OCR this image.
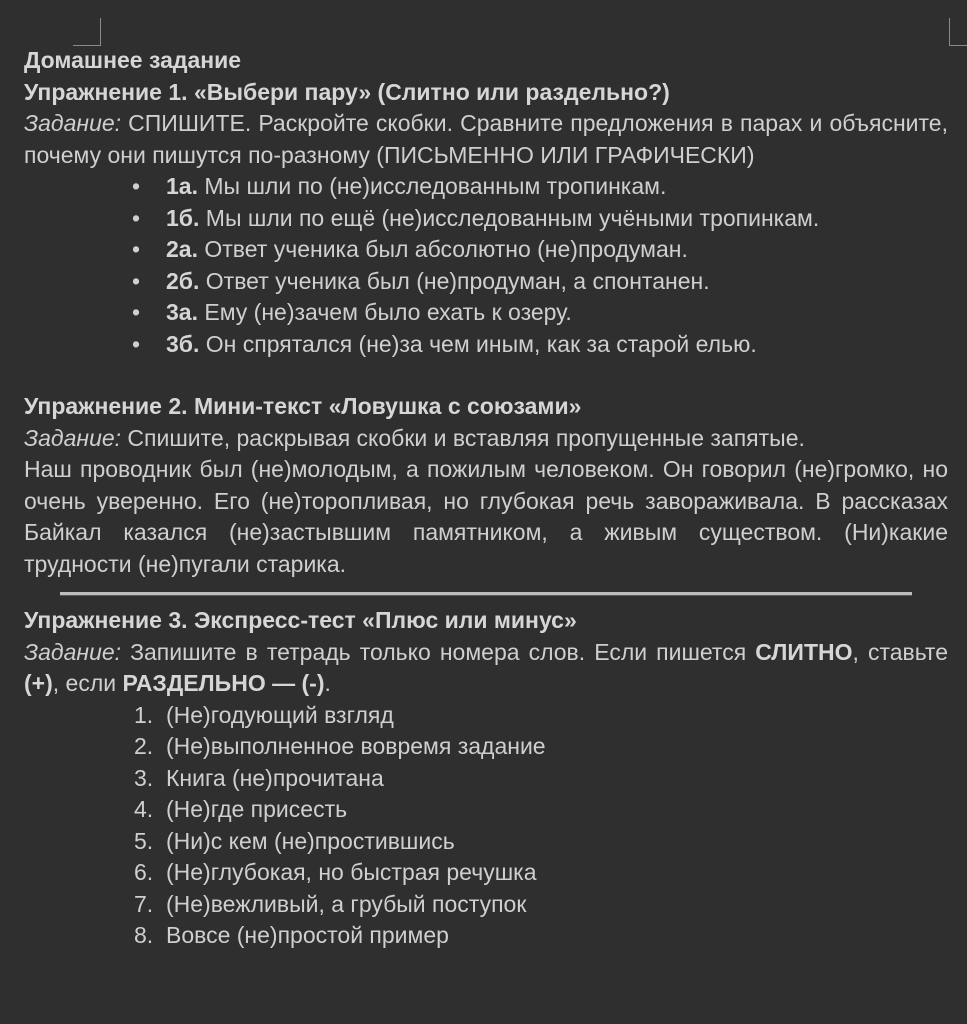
Домашнее задание

Упражнение 1. «Выбери пару» (Слитно или раздельно?)

Задание: СПИШИТЕ. Раскройте скобки. Сравните предложения в парах и объясните, почему они пишутся по-разному (ПИСЬМЕННО ИЛИ ГРАФИЧЕСКИ)

• 1а. Мы шли по (не)исследованным тропинкам.
• 1б. Мы шли по ещё (не)исследованным учёными тропинкам.
• 2а. Ответ ученика был абсолютно (не)продуман.
• 2б. Ответ ученика был (не)продуман, а спонтанен.
• 3а. Ему (не)зачем было ехать к озеру.
• 3б. Он спрятался (не)за чем иным, как за старой елью.

Упражнение 2. Мини-текст «Ловушка с союзами»

Задание: Спишите, раскрывая скобки и вставляя пропущенные запятые.

Наш проводник был (не)молодым, а пожилым человеком. Он говорил (не)громко, но очень уверенно. Его (не)торопливая, но глубокая речь завораживала. В рассказах Байкал казался (не)застывшим памятником, а живым существом. (Ни)какие трудности (не)пугали старика.

Упражнение 3. Экспресс-тест «Плюс или минус»

Задание: Запишите в тетрадь только номера слов. Если пишется СЛИТНО, ставьте (+), если РАЗДЕЛЬНО — (-).

1. (Не)годующий взгляд
2. (Не)выполненное вовремя задание
3. Книга (не)прочитана
4. (Не)где присесть
5. (Ни)с кем (не)простившись
6. (Не)глубокая, но быстрая речушка
7. (Не)вежливый, а грубый поступок
8. Вовсе (не)простой пример
